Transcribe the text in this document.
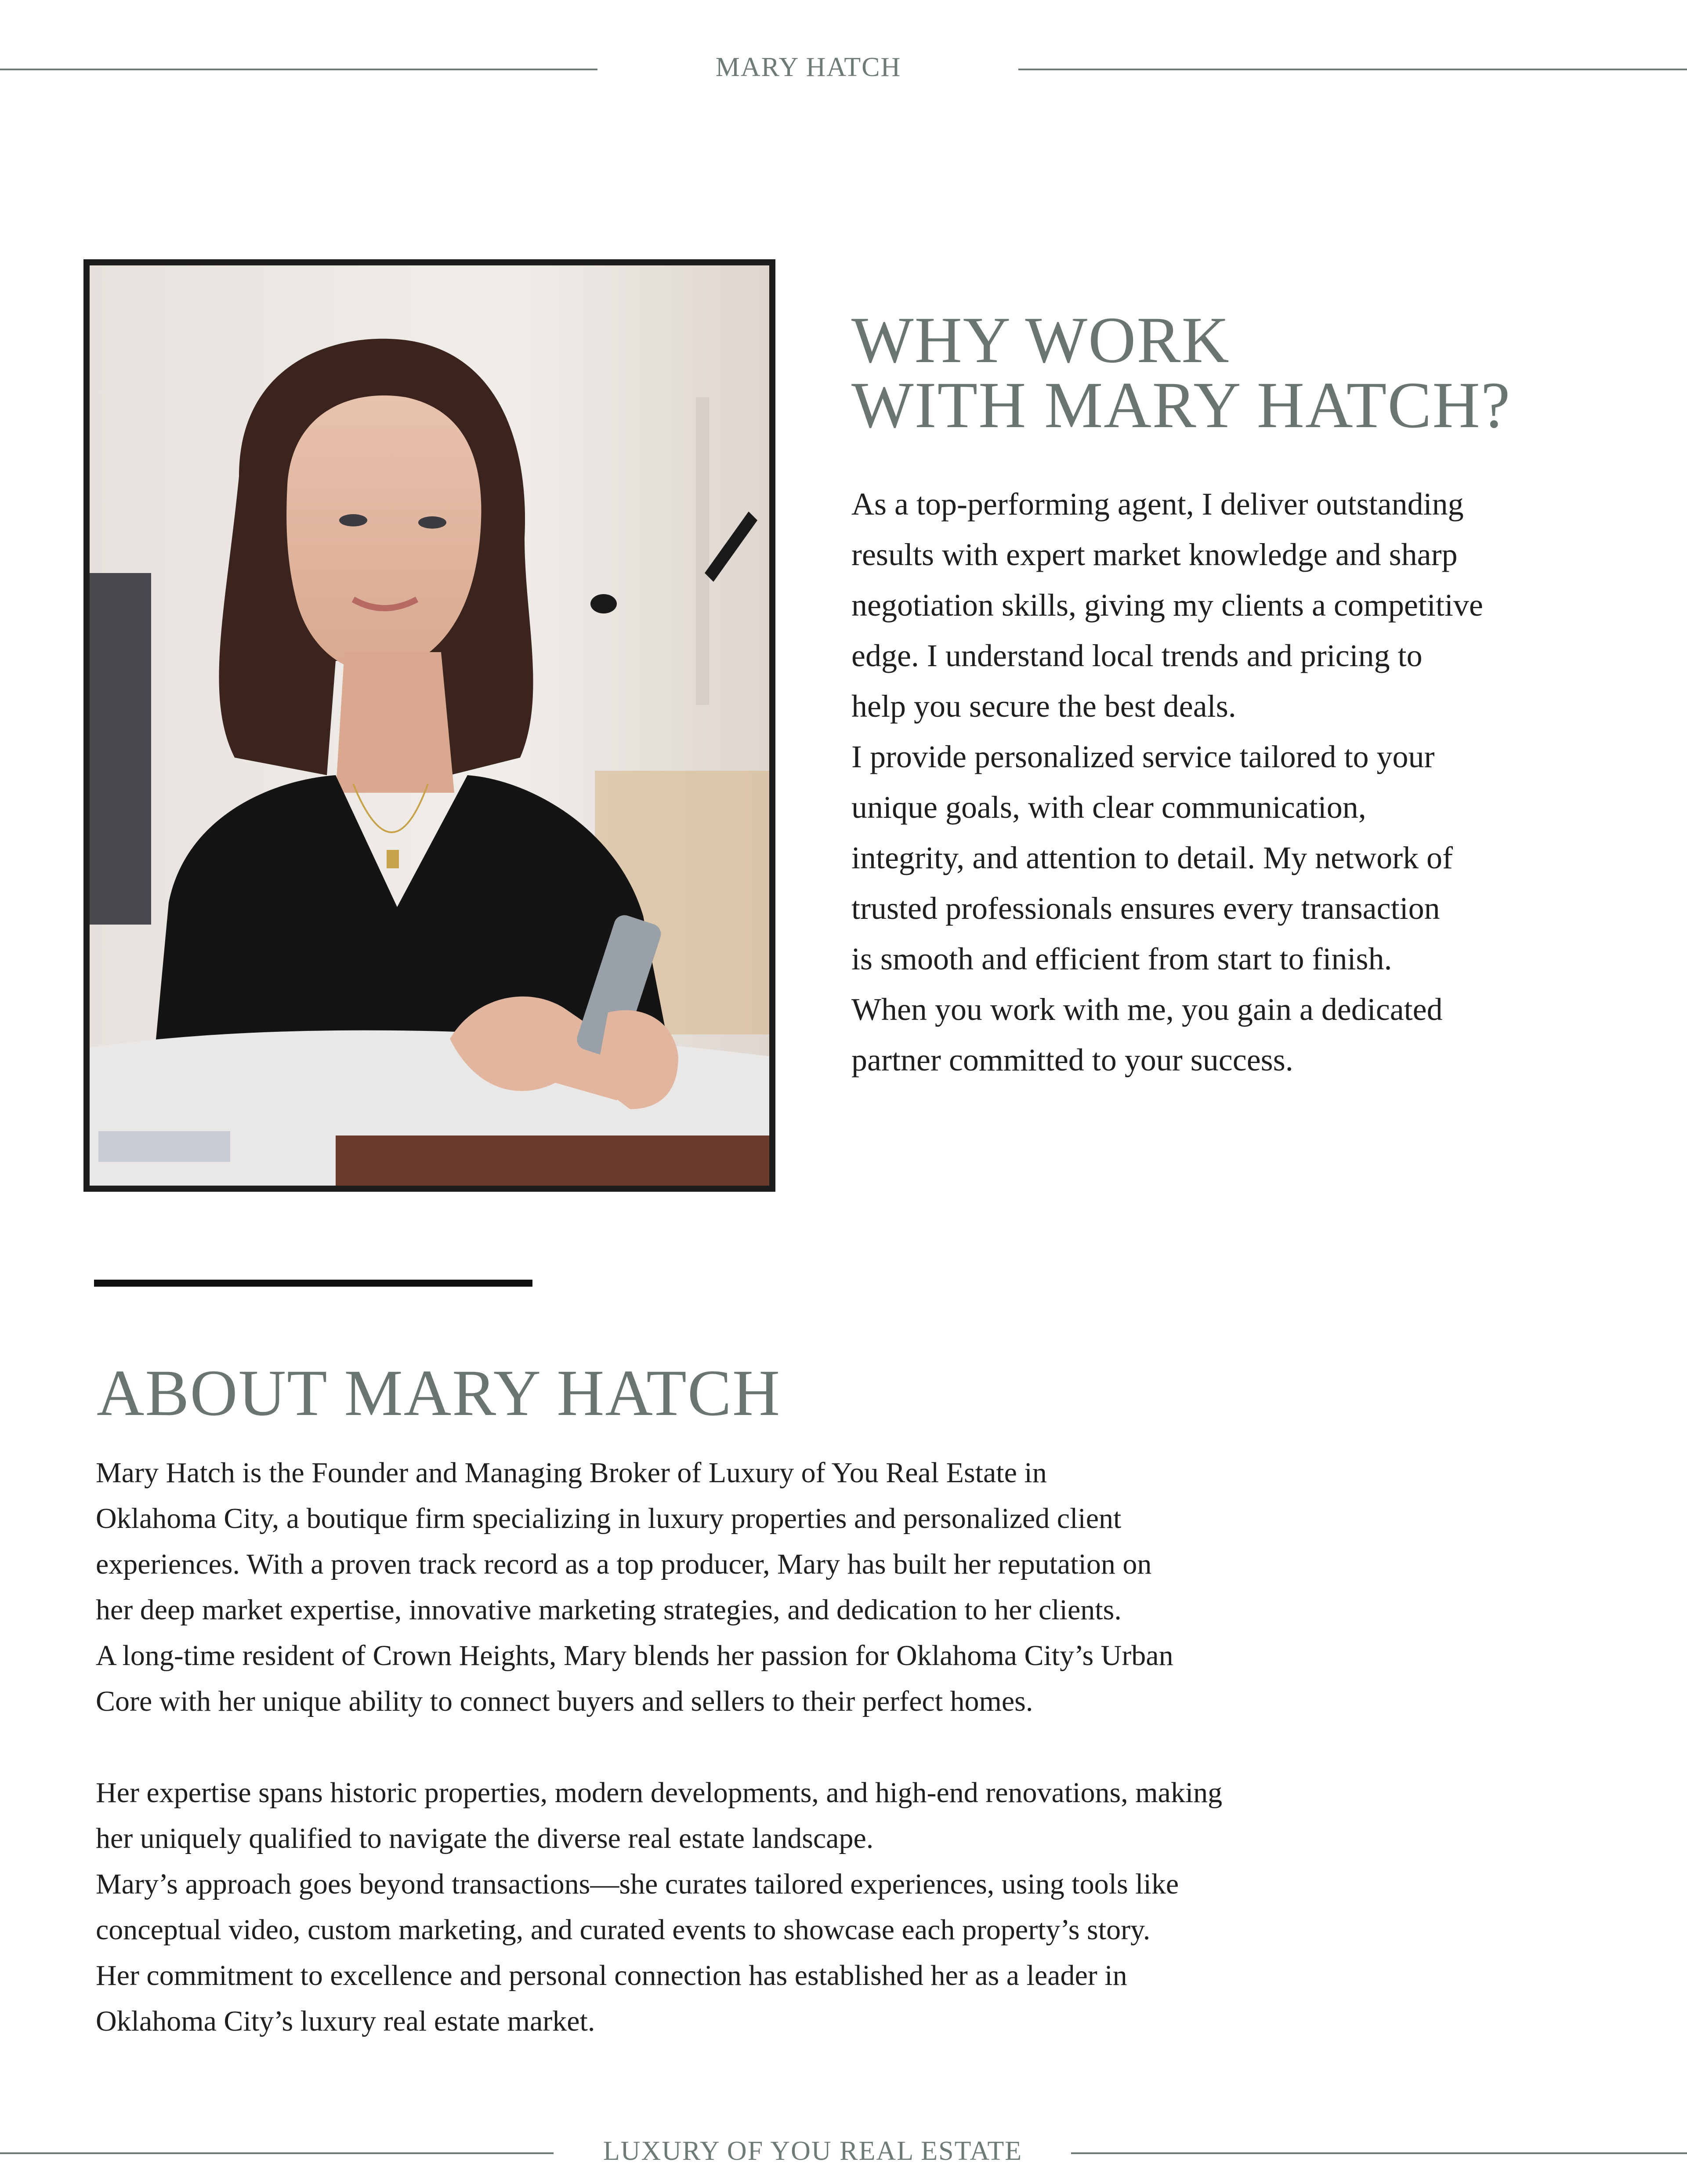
MARY HATCH
WHY WORK
WITH MARY HATCH?
As a top-performing agent, I deliver outstanding
results with expert market knowledge and sharp
negotiation skills, giving my clients a competitive
edge. I understand local trends and pricing to
help you secure the best deals.
I provide personalized service tailored to your
unique goals, with clear communication,
integrity, and attention to detail. My network of
trusted professionals ensures every transaction
is smooth and efficient from start to finish.
When you work with me, you gain a dedicated
partner committed to your success.
ABOUT MARY HATCH

Mary Hatch is the Founder and Managing Broker of Luxury of You Real Estate in
Oklahoma City, a boutique firm specializing in luxury properties and personalized client
experiences. With a proven track record as a top producer, Mary has built her reputation on
her deep market expertise, innovative marketing strategies, and dedication to her clients.
A long-time resident of Crown Heights, Mary blends her passion for Oklahoma City’s Urban
Core with her unique ability to connect buyers and sellers to their perfect homes.

Her expertise spans historic properties, modern developments, and high-end renovations, making
her uniquely qualified to navigate the diverse real estate landscape.
Mary’s approach goes beyond transactions—she curates tailored experiences, using tools like
conceptual video, custom marketing, and curated events to showcase each property’s story.
Her commitment to excellence and personal connection has established her as a leader in
Oklahoma City’s luxury real estate market.

LUXURY OF YOU REAL ESTATE
